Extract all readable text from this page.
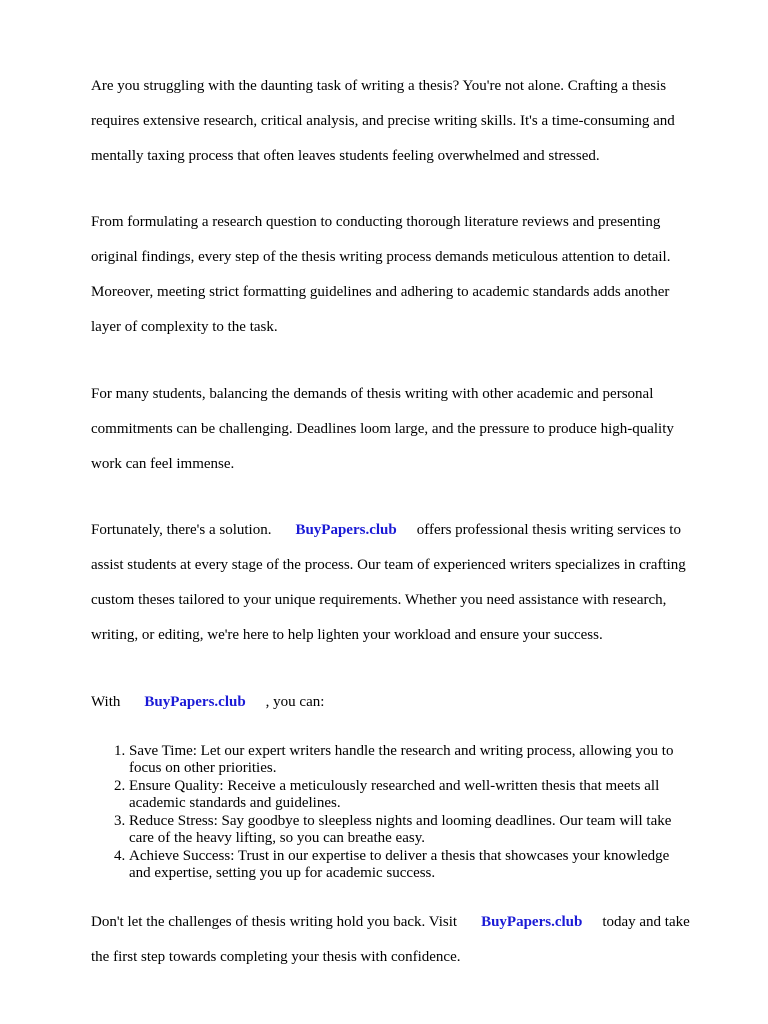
Are you struggling with the daunting task of writing a thesis? You're not alone. Crafting a thesis

requires extensive research, critical analysis, and precise writing skills. It's a time-consuming and

mentally taxing process that often leaves students feeling overwhelmed and stressed.

From formulating a research question to conducting thorough literature reviews and presenting

original findings, every step of the thesis writing process demands meticulous attention to detail.

Moreover, meeting strict formatting guidelines and adhering to academic standards adds another

layer of complexity to the task.

For many students, balancing the demands of thesis writing with other academic and personal

commitments can be challenging. Deadlines loom large, and the pressure to produce high-quality

work can feel immense.

Fortunately, there's a solution. BuyPapers.club offers professional thesis writing services to

assist students at every stage of the process. Our team of experienced writers specializes in crafting

custom theses tailored to your unique requirements. Whether you need assistance with research,

writing, or editing, we're here to help lighten your workload and ensure your success.

With BuyPapers.club , you can:

1. Save Time: Let our expert writers handle the research and writing process, allowing you to
focus on other priorities.
2. Ensure Quality: Receive a meticulously researched and well-written thesis that meets all
academic standards and guidelines.
3. Reduce Stress: Say goodbye to sleepless nights and looming deadlines. Our team will take
care of the heavy lifting, so you can breathe easy.
4. Achieve Success: Trust in our expertise to deliver a thesis that showcases your knowledge
and expertise, setting you up for academic success.

Don't let the challenges of thesis writing hold you back. Visit BuyPapers.club today and take

the first step towards completing your thesis with confidence.
